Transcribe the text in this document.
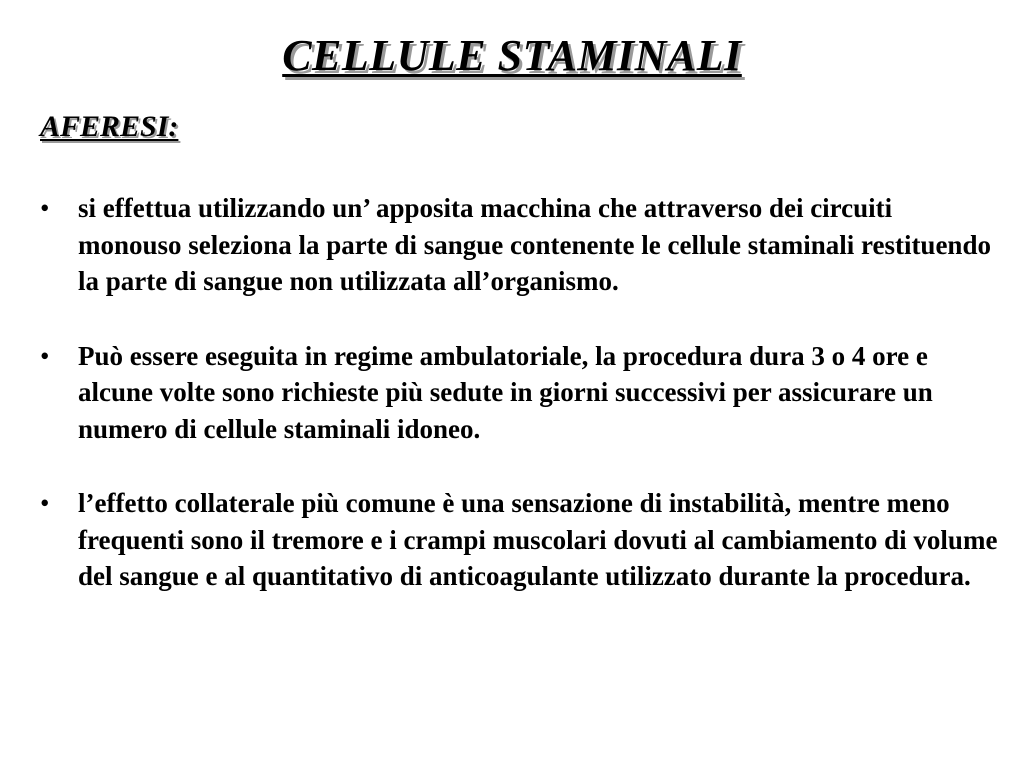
CELLULE STAMINALI
AFERESI:
• si effettua utilizzando un’ apposita macchina che attraverso dei circuiti monouso seleziona la parte di sangue contenente le cellule staminali restituendo la parte di sangue non utilizzata all’organismo.
• Può essere eseguita in regime ambulatoriale, la procedura dura 3 o 4 ore e alcune volte sono richieste più sedute in giorni successivi per assicurare un numero di cellule staminali idoneo.
• l’effetto collaterale più comune è una sensazione di instabilità, mentre meno frequenti sono il tremore e i crampi muscolari dovuti al cambiamento di volume del sangue e al quantitativo di anticoagulante utilizzato durante la procedura.
